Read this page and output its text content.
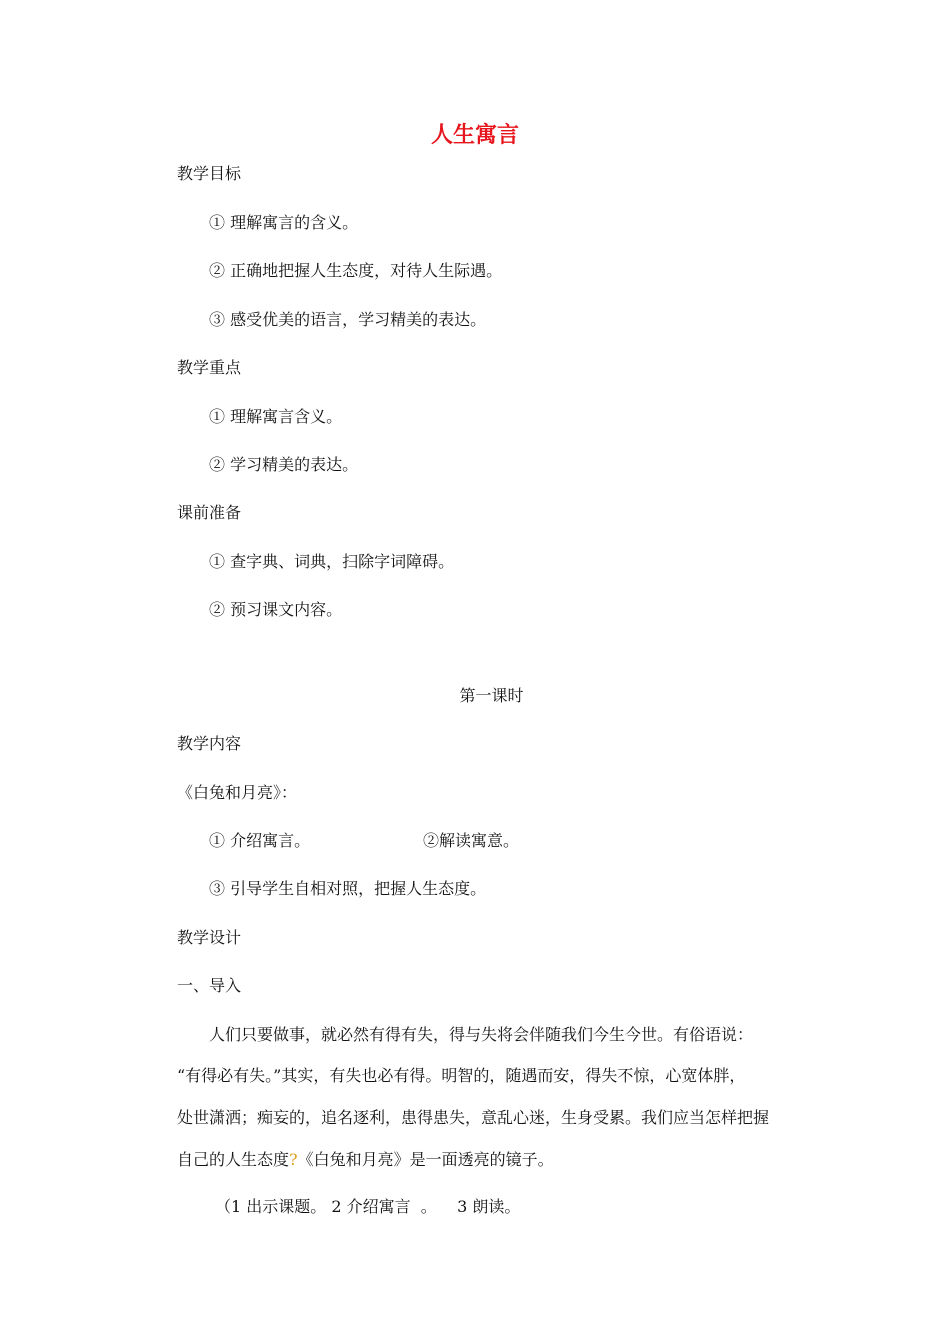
人生寓言
教学目标
① 理解寓言的含义。
② 正确地把握人生态度，对待人生际遇。
③ 感受优美的语言，学习精美的表达。
教学重点
① 理解寓言含义。
② 学习精美的表达。
课前准备
① 查字典、词典，扫除字词障碍。
② 预习课文内容。
第一课时
教学内容
《白兔和月亮》：
① 介绍寓言。	②解读寓意。
③ 引导学生自相对照，把握人生态度。
教学设计
一、导入
人们只要做事，就必然有得有失，得与失将会伴随我们今生今世。有俗语说：
“有得必有失。”其实，有失也必有得。明智的，随遇而安，得失不惊，心宽体胖，
处世潇洒；痴妄的，追名逐利，患得患失，意乱心迷，生身受累。我们应当怎样把握
自己的人生态度?《白兔和月亮》是一面透亮的镜子。
（1 出示课题。 2 介绍寓言  。    3 朗读。
